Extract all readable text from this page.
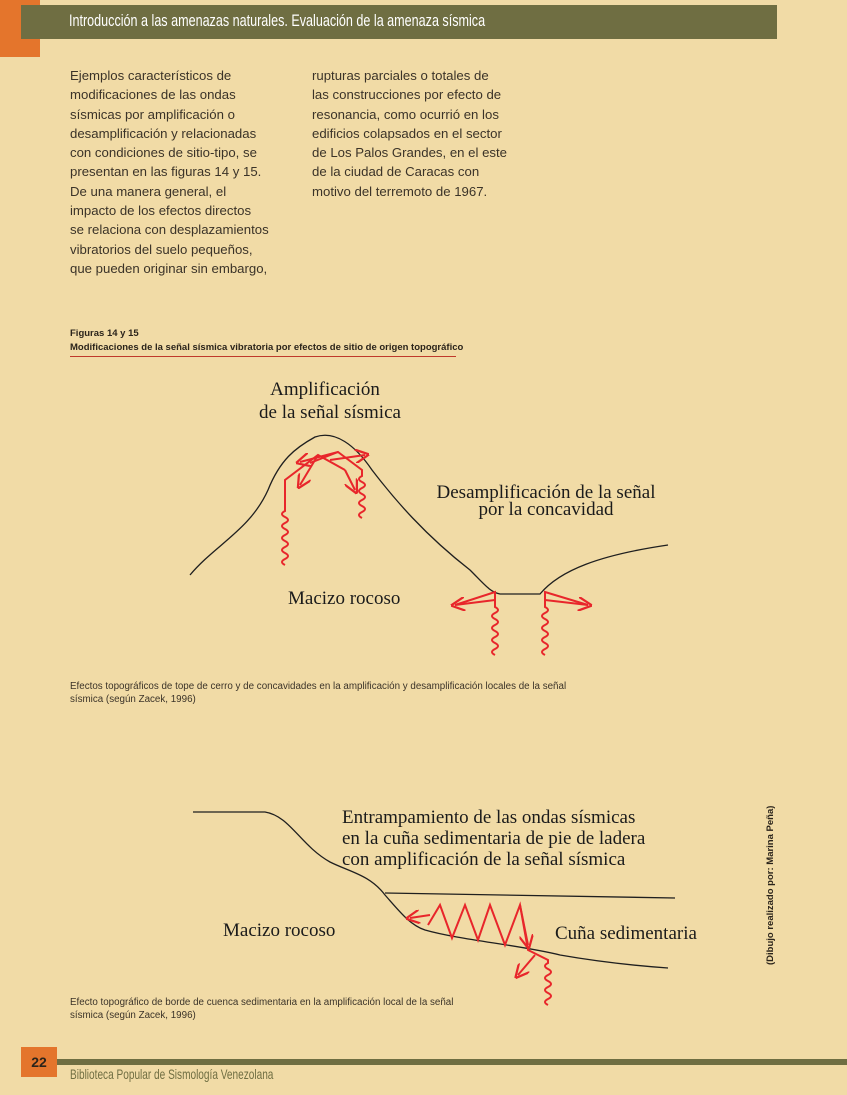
Introducción a las amenazas naturales. Evaluación de la amenaza sísmica

Ejemplos característicos de

modificaciones de las ondas

sísmicas por amplificación o

desamplificación y relacionadas

con condiciones de sitio-tipo, se

presentan en las figuras 14 y 15.

De una manera general, el

impacto de los efectos directos

se relaciona con desplazamientos

vibratorios del suelo pequeños,

que pueden originar sin embargo,

rupturas parciales o totales de

las construcciones por efecto de

resonancia, como ocurrió en los

edificios colapsados en el sector

de Los Palos Grandes, en el este

de la ciudad de Caracas con

motivo del terremoto de 1967.

Figuras 14 y 15
Modificaciones de la señal sísmica vibratoria por efectos de sitio de origen topográfico
Amplificación
de la señal sísmica
Desamplificación de la señal
por la concavidad
Macizo rocoso
Entrampamiento de las ondas sísmicas
en la cuña sedimentaria de pie de ladera
con amplificación de la señal sísmica
Macizo rocoso	Cuña sedimentaria
Efectos topográficos de tope de cerro y de concavidades en la amplificación y desamplificación locales de la señal
sísmica (según Zacek, 1996)
Efecto topográfico de borde de cuenca sedimentaria en la amplificación local de la señal
sísmica (según Zacek, 1996)
(Dibujo realizado por: Marina Peña)
22
Biblioteca Popular de Sismología Venezolana
